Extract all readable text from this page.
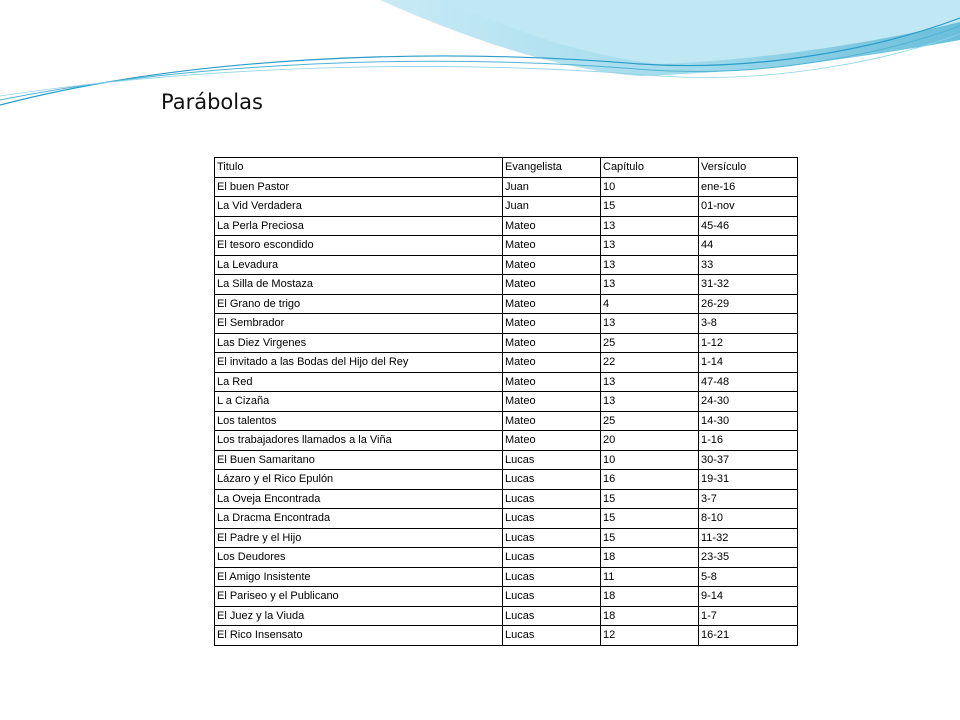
Parábolas
Titulo	Evangelista	Capítulo	Versículo
El buen Pastor	Juan	10	ene-16
La Vid Verdadera	Juan	15	01-nov
La Perla Preciosa	Mateo	13	45-46
El tesoro escondido	Mateo	13	44
La Levadura	Mateo	13	33
La Silla de Mostaza	Mateo	13	31-32
El Grano de trigo	Mateo	4	26-29
El Sembrador	Mateo	13	3-8
Las Diez Virgenes	Mateo	25	1-12
El invitado a las Bodas del Hijo del Rey	Mateo	22	1-14
La Red	Mateo	13	47-48
L a Cizaña	Mateo	13	24-30
Los talentos	Mateo	25	14-30
Los trabajadores llamados a la Viña	Mateo	20	1-16
El Buen Samaritano	Lucas	10	30-37
Lázaro y el Rico Epulón	Lucas	16	19-31
La Oveja Encontrada	Lucas	15	3-7
La Dracma Encontrada	Lucas	15	8-10
El Padre y el Hijo	Lucas	15	11-32
Los Deudores	Lucas	18	23-35
El Amigo Insistente	Lucas	11	5-8
El Pariseo y el Publicano	Lucas	18	9-14
El Juez y la Viuda	Lucas	18	1-7
El Rico Insensato	Lucas	12	16-21
